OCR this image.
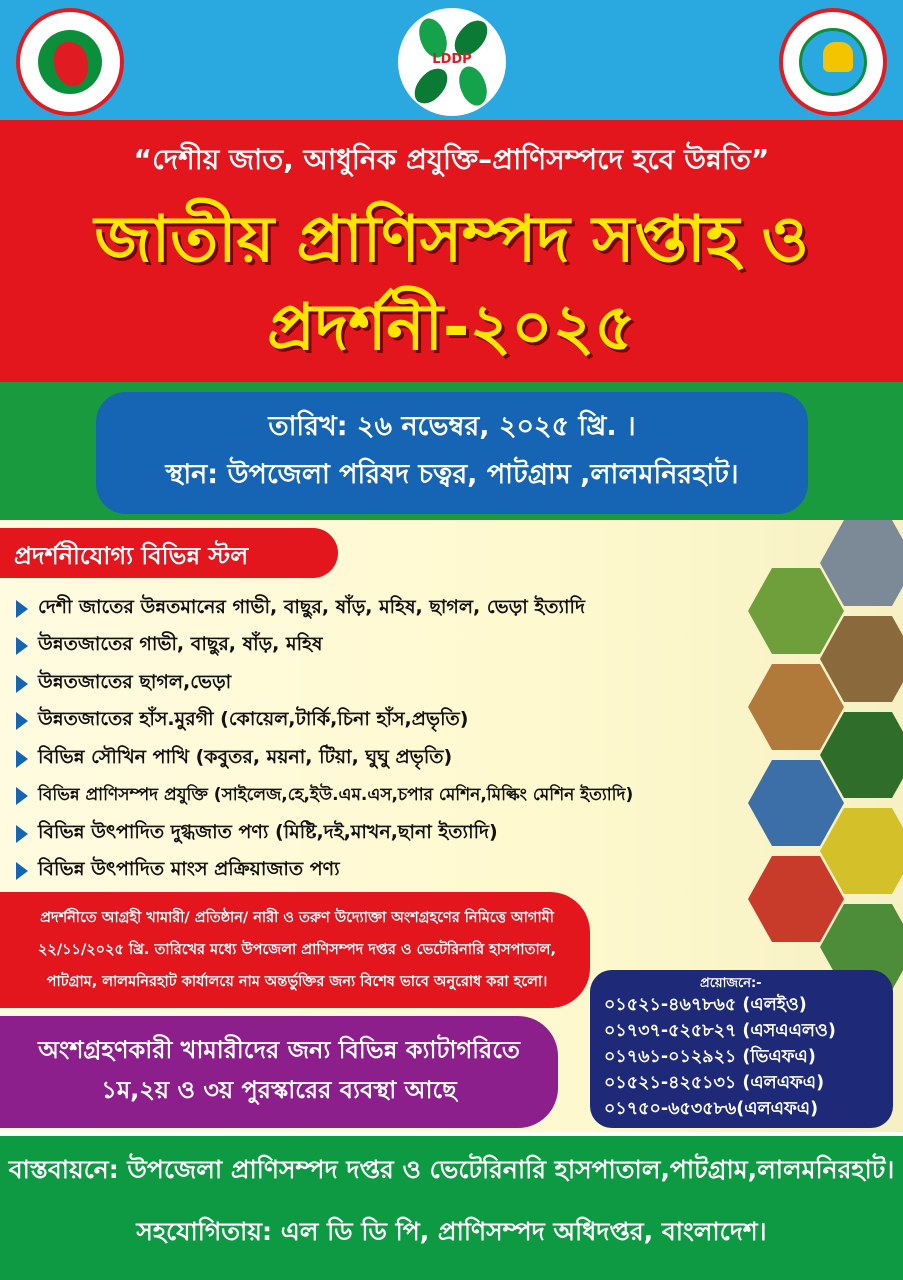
LDDP
“দেশীয় জাত, আধুনিক প্রযুক্তি–প্রাণিসম্পদে হবে উন্নতি”
জাতীয় প্রাণিসম্পদ সপ্তাহ ও
প্রদর্শনী-২০২৫
তারিখ: ২৬ নভেম্বর, ২০২৫ খ্রি. ।
স্থান: উপজেলা পরিষদ চত্বর, পাটগ্রাম ,লালমনিরহাট।
প্রদর্শনীযোগ্য বিভিন্ন স্টল
দেশী জাতের উন্নতমানের গাভী, বাছুর, ষাঁড়, মহিষ, ছাগল, ভেড়া ইত্যাদি
উন্নতজাতের গাভী, বাছুর, ষাঁড়, মহিষ
উন্নতজাতের ছাগল,ভেড়া
উন্নতজাতের হাঁস.মুরগী (কোয়েল,টার্কি,চিনা হাঁস,প্রভৃতি)
বিভিন্ন সৌখিন পাখি (কবুতর, ময়না, টিয়া, ঘুঘু প্রভৃতি)
বিভিন্ন প্রাণিসম্পদ প্রযুক্তি (সাইলেজ,হে,ইউ.এম.এস,চপার মেশিন,মিল্কিং মেশিন ইত্যাদি)
বিভিন্ন উৎপাদিত দুগ্ধজাত পণ্য (মিষ্টি,দই,মাখন,ছানা ইত্যাদি)
বিভিন্ন উৎপাদিত মাংস প্রক্রিয়াজাত পণ্য
প্রদর্শনীতে আগ্রহী খামারী/ প্রতিষ্ঠান/ নারী ও তরুণ উদ্যোক্তা অংশগ্রহণের নিমিত্তে আগামী
২২/১১/২০২৫ খ্রি. তারিখের মধ্যে উপজেলা প্রাণিসম্পদ দপ্তর ও ভেটেরিনারি হাসপাতাল,
পাটগ্রাম, লালমনিরহাট কার্যালয়ে নাম অন্তর্ভুক্তির জন্য বিশেষ ভাবে অনুরোধ করা হলো।
অংশগ্রহণকারী খামারীদের জন্য বিভিন্ন ক্যাটাগরিতে
১ম,২য় ও ৩য় পুরস্কারের ব্যবস্থা আছে
প্রয়োজনে:-
০১৫২১-৪৬৭৮৬৫ (এলইও)
০১৭৩৭-৫২৫৮২৭ (এসএএলও)
০১৭৬১-০১২৯২১ (ভিএফএ)
০১৫২১-৪২৫১৩১ (এলএফএ)
০১৭৫০-৬৫৩৫৮৬(এলএফএ)
বাস্তবায়নে: উপজেলা প্রাণিসম্পদ দপ্তর ও ভেটেরিনারি হাসপাতাল,পাটগ্রাম,লালমনিরহাট।
সহযোগিতায়: এল ডি ডি পি, প্রাণিসম্পদ অধিদপ্তর, বাংলাদেশ।
